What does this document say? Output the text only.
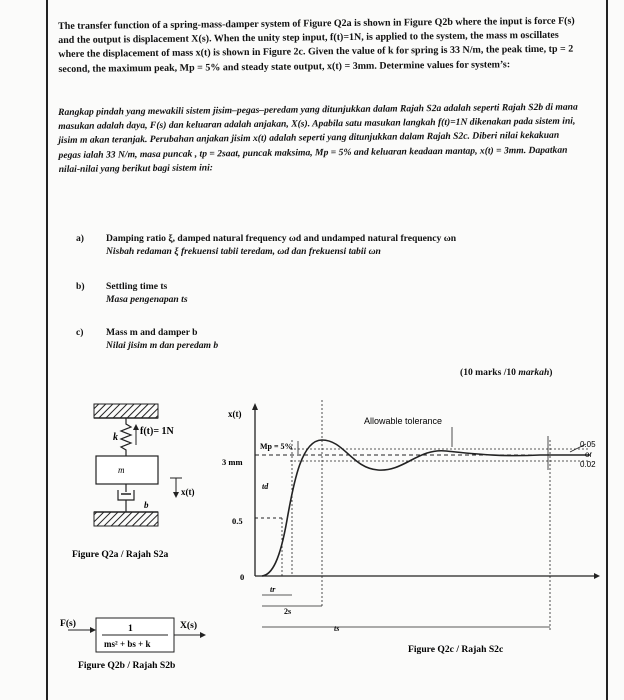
The transfer function of a spring-mass-damper system of Figure Q2a is shown in Figure Q2b where the input is force F(s) and the output is displacement X(s). When the unity step input, f(t)=1N, is applied to the system, the mass m oscillates where the displacement of mass x(t) is shown in Figure 2c. Given the value of k for spring is 33 N/m, the peak time, tp = 2 second, the maximum peak, Mp = 5% and steady state output, x(t) = 3mm. Determine values for system’s:
Rangkap pindah yang mewakili sistem jisim–pegas–peredam yang ditunjukkan dalam Rajah S2a adalah seperti Rajah S2b di mana masukan adalah daya, F(s) dan keluaran adalah anjakan, X(s). Apabila satu masukan langkah f(t)=1N dikenakan pada sistem ini, jisim m akan teranjak. Perubahan anjakan jisim x(t) adalah seperti yang ditunjukkan dalam Rajah S2c. Diberi nilai kekakuan pegas ialah 33 N/m, masa puncak , tp = 2saat, puncak maksima, Mp = 5% and keluaran keadaan mantap, x(t) = 3mm. Dapatkan nilai-nilai yang berikut bagi sistem ini:
a) Damping ratio ξ, damped natural frequency ωd and undamped natural frequency ωn
Nisbah redaman ξ frekuensi tabii teredam, ωd dan frekuensi tabii ωn
b) Settling time ts
Masa pengenapan ts
c) Mass m and damper b
Nilai jisim m dan peredam b
(10 marks /10 markah)
k
f(t)= 1N
m
b
x(t)
Figure Q2a / Rajah S2a
F(s)	1
ms² + bs + k
X(s)
Figure Q2b / Rajah S2b
x(t)
3 mm
0.5
0
Mp = 5%
td
tr
2s
ts
Allowable tolerance
0.05
or
0.02
Figure Q2c / Rajah S2c
